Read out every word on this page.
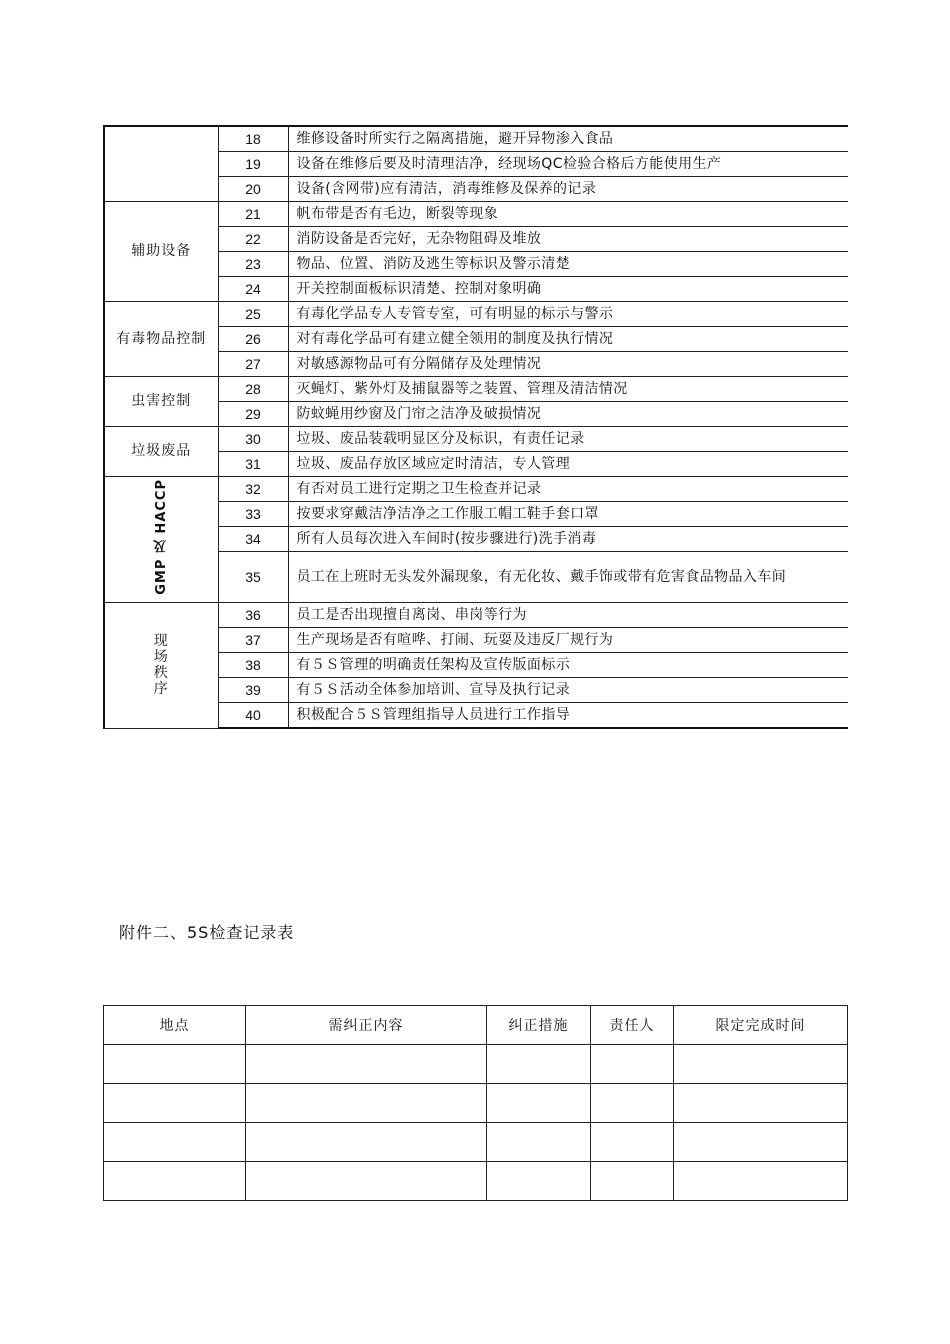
	18	维修设备时所实行之隔离措施，避开异物渗入食品
	19	设备在维修后要及时清理洁净，经现场QC检验合格后方能使用生产
	20	设备(含网带)应有清洁，消毒维修及保养的记录
辅助设备	21	帆布带是否有毛边，断裂等现象
	22	消防设备是否完好，无杂物阻碍及堆放
	23	物品、位置、消防及逃生等标识及警示清楚
	24	开关控制面板标识清楚、控制对象明确
有毒物品控制	25	有毒化学品专人专管专室，可有明显的标示与警示
	26	对有毒化学品可有建立健全领用的制度及执行情况
	27	对敏感源物品可有分隔储存及处理情况
虫害控制	28	灭蝇灯、紫外灯及捕鼠器等之装置、管理及清洁情况
	29	防蚊蝇用纱窗及门帘之洁净及破损情况
垃圾废品	30	垃圾、废品装载明显区分及标识，有责任记录
	31	垃圾、废品存放区域应定时清洁，专人管理
GMP 及 HACCP	32	有否对员工进行定期之卫生检查并记录
	33	按要求穿戴洁净洁净之工作服工帽工鞋手套口罩
	34	所有人员每次进入车间时(按步骤进行)洗手消毒
	35	员工在上班时无头发外漏现象，有无化妆、戴手饰或带有危害食品物品入车间
现场秩序	36	员工是否出现擅自离岗、串岗等行为
	37	生产现场是否有喧哗、打闹、玩耍及违反厂规行为
	38	有５Ｓ管理的明确责任架构及宣传版面标示
	39	有５Ｓ活动全体参加培训、宣导及执行记录
	40	积极配合５Ｓ管理组指导人员进行工作指导
附件二、5S检查记录表
地点	需纠正内容	纠正措施	责任人	限定完成时间
